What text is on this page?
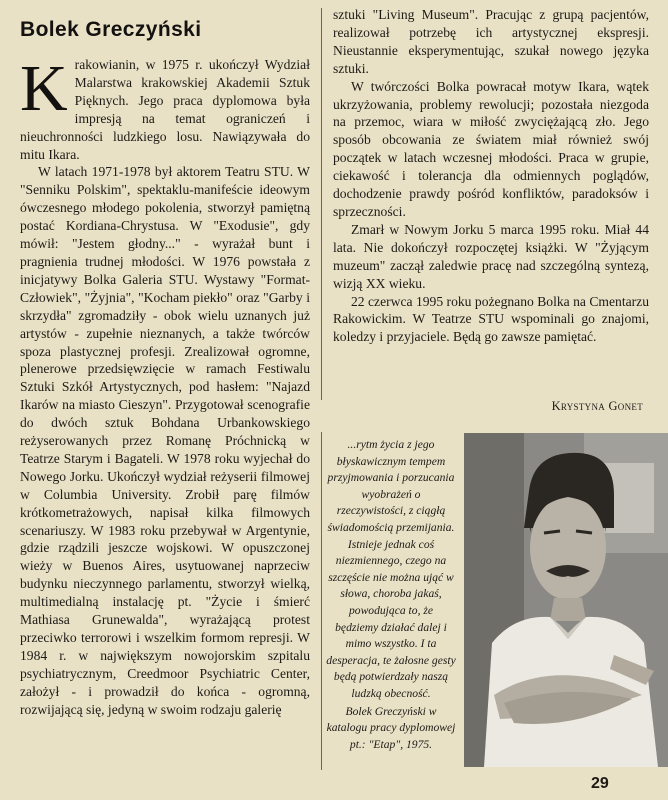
Bolek Greczyński

Krakowianin, w 1975 r. ukończył Wydział Malarstwa krakowskiej Akademii Sztuk Pięknych. Jego praca dyplomowa była impresją na temat ograniczeń i nieuchronności ludzkiego losu. Nawiązywała do mitu Ikara.

W latach 1971-1978 był aktorem Teatru STU. W "Senniku Polskim", spektaklu-manifeście ideowym ówczesnego młodego pokolenia, stworzył pamiętną postać Kordiana-Chrystusa. W "Exodusie", gdy mówił: "Jestem głodny..." - wyrażał bunt i pragnienia trudnej młodości. W 1976 powstała z inicjatywy Bolka Galeria STU. Wystawy "Format-Człowiek", "Żyjnia", "Kocham piekło" oraz "Garby i skrzydła" zgromadziły - obok wielu uznanych już artystów - zupełnie nieznanych, a także twórców spoza plastycznej profesji. Zrealizował ogromne, plenerowe przedsięwzięcie w ramach Festiwalu Sztuki Szkół Artystycznych, pod hasłem: "Najazd Ikarów na miasto Cieszyn". Przygotował scenografie do dwóch sztuk Bohdana Urbankowskiego reżyserowanych przez Romanę Próchnicką w Teatrze Starym i Bagateli. W 1978 roku wyjechał do Nowego Jorku. Ukończył wydział reżyserii filmowej w Columbia University. Zrobił parę filmów krótkometrażowych, napisał kilka filmowych scenariuszy. W 1983 roku przebywał w Argentynie, gdzie rządzili jeszcze wojskowi. W opuszczonej wieży w Buenos Aires, usytuowanej naprzeciw budynku nieczynnego parlamentu, stworzył wielką, multimedialną instalację pt. "Życie i śmierć Mathiasa Grunewalda", wyrażającą protest przeciwko terrorowi i wszelkim formom represji. W 1984 r. w największym nowojorskim szpitalu psychiatrycznym, Creedmoor Psychiatric Center, założył - i prowadził do końca - ogromną, rozwijającą się, jedyną w swoim rodzaju galerię

sztuki "Living Museum". Pracując z grupą pacjentów, realizował potrzebę ich artystycznej ekspresji. Nieustannie eksperymentując, szukał nowego języka sztuki.

W twórczości Bolka powracał motyw Ikara, wątek ukrzyżowania, problemy rewolucji; pozostała niezgoda na przemoc, wiara w miłość zwyciężającą zło. Jego sposób obcowania ze światem miał również swój początek w latach wczesnej młodości. Praca w grupie, ciekawość i tolerancja dla odmiennych poglądów, dochodzenie prawdy pośród konfliktów, paradoksów i sprzeczności.

Zmarł w Nowym Jorku 5 marca 1995 roku. Miał 44 lata. Nie dokończył rozpoczętej książki. W "Żyjącym muzeum" zaczął zaledwie pracę nad szczególną syntezą, wizją XX wieku.

22 czerwca 1995 roku pożegnano Bolka na Cmentarzu Rakowickim. W Teatrze STU wspominali go znajomi, koledzy i przyjaciele. Będą go zawsze pamiętać.

Krystyna Gonet

...rytm życia z jego błyskawicznym tempem przyjmowania i porzucania wyobrażeń o rzeczywistości, z ciągłą świadomością przemijania. Istnieje jednak coś niezmiennego, czego na szczęście nie można ująć w słowa, choroba jakaś, powodująca to, że będziemy działać dalej i mimo wszystko. I ta desperacja, te żałosne gesty będą potwierdzały naszą ludzką obecność.

Bolek Greczyński w katalogu pracy dyplomowej pt.: "Etap", 1975.

29
